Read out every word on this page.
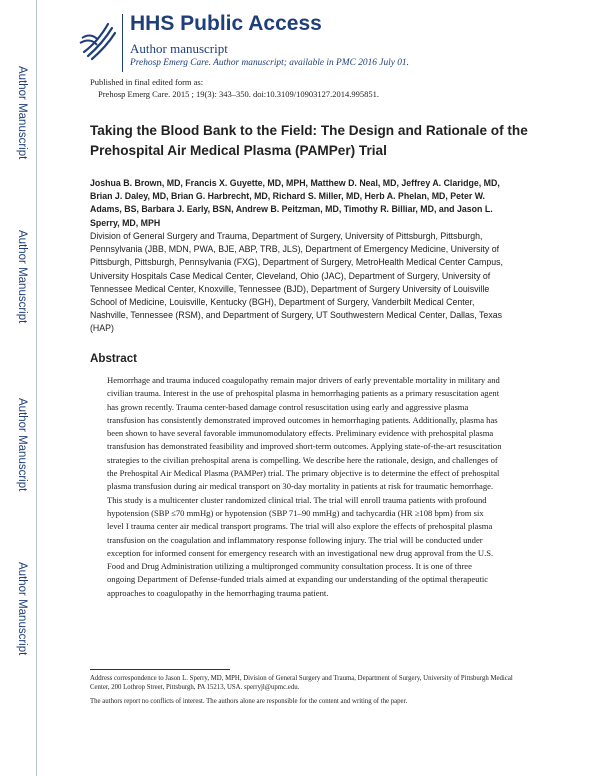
Author Manuscript
Author Manuscript
Author Manuscript
Author Manuscript
HHS Public Access
Author manuscript
Prehosp Emerg Care. Author manuscript; available in PMC 2016 July 01.
Published in final edited form as:
Prehosp Emerg Care. 2015 ; 19(3): 343–350. doi:10.3109/10903127.2014.995851.
Taking the Blood Bank to the Field: The Design and Rationale of the Prehospital Air Medical Plasma (PAMPer) Trial
Joshua B. Brown, MD, Francis X. Guyette, MD, MPH, Matthew D. Neal, MD, Jeffrey A. Claridge, MD, Brian J. Daley, MD, Brian G. Harbrecht, MD, Richard S. Miller, MD, Herb A. Phelan, MD, Peter W. Adams, BS, Barbara J. Early, BSN, Andrew B. Peitzman, MD, Timothy R. Billiar, MD, and Jason L. Sperry, MD, MPH
Division of General Surgery and Trauma, Department of Surgery, University of Pittsburgh, Pittsburgh, Pennsylvania (JBB, MDN, PWA, BJE, ABP, TRB, JLS), Department of Emergency Medicine, University of Pittsburgh, Pittsburgh, Pennsylvania (FXG), Department of Surgery, MetroHealth Medical Center Campus, University Hospitals Case Medical Center, Cleveland, Ohio (JAC), Department of Surgery, University of Tennessee Medical Center, Knoxville, Tennessee (BJD), Department of Surgery University of Louisville School of Medicine, Louisville, Kentucky (BGH), Department of Surgery, Vanderbilt Medical Center, Nashville, Tennessee (RSM), and Department of Surgery, UT Southwestern Medical Center, Dallas, Texas (HAP)
Abstract
Hemorrhage and trauma induced coagulopathy remain major drivers of early preventable mortality in military and civilian trauma. Interest in the use of prehospital plasma in hemorrhaging patients as a primary resuscitation agent has grown recently. Trauma center-based damage control resuscitation using early and aggressive plasma transfusion has consistently demonstrated improved outcomes in hemorrhaging patients. Additionally, plasma has been shown to have several favorable immunomodulatory effects. Preliminary evidence with prehospital plasma transfusion has demonstrated feasibility and improved short-term outcomes. Applying state-of-the-art resuscitation strategies to the civilian prehospital arena is compelling. We describe here the rationale, design, and challenges of the Prehospital Air Medical Plasma (PAMPer) trial. The primary objective is to determine the effect of prehospital plasma transfusion during air medical transport on 30-day mortality in patients at risk for traumatic hemorrhage. This study is a multicenter cluster randomized clinical trial. The trial will enroll trauma patients with profound hypotension (SBP ≤70 mmHg) or hypotension (SBP 71–90 mmHg) and tachycardia (HR ≥108 bpm) from six level I trauma center air medical transport programs. The trial will also explore the effects of prehospital plasma transfusion on the coagulation and inflammatory response following injury. The trial will be conducted under exception for informed consent for emergency research with an investigational new drug approval from the U.S. Food and Drug Administration utilizing a multipronged community consultation process. It is one of three ongoing Department of Defense-funded trials aimed at expanding our understanding of the optimal therapeutic approaches to coagulopathy in the hemorrhaging trauma patient.
Address correspondence to Jason L. Sperry, MD, MPH, Division of General Surgery and Trauma, Department of Surgery, University of Pittsburgh Medical Center, 200 Lothrop Street, Pittsburgh, PA 15213, USA. sperryjl@upmc.edu.
The authors report no conflicts of interest. The authors alone are responsible for the content and writing of the paper.
